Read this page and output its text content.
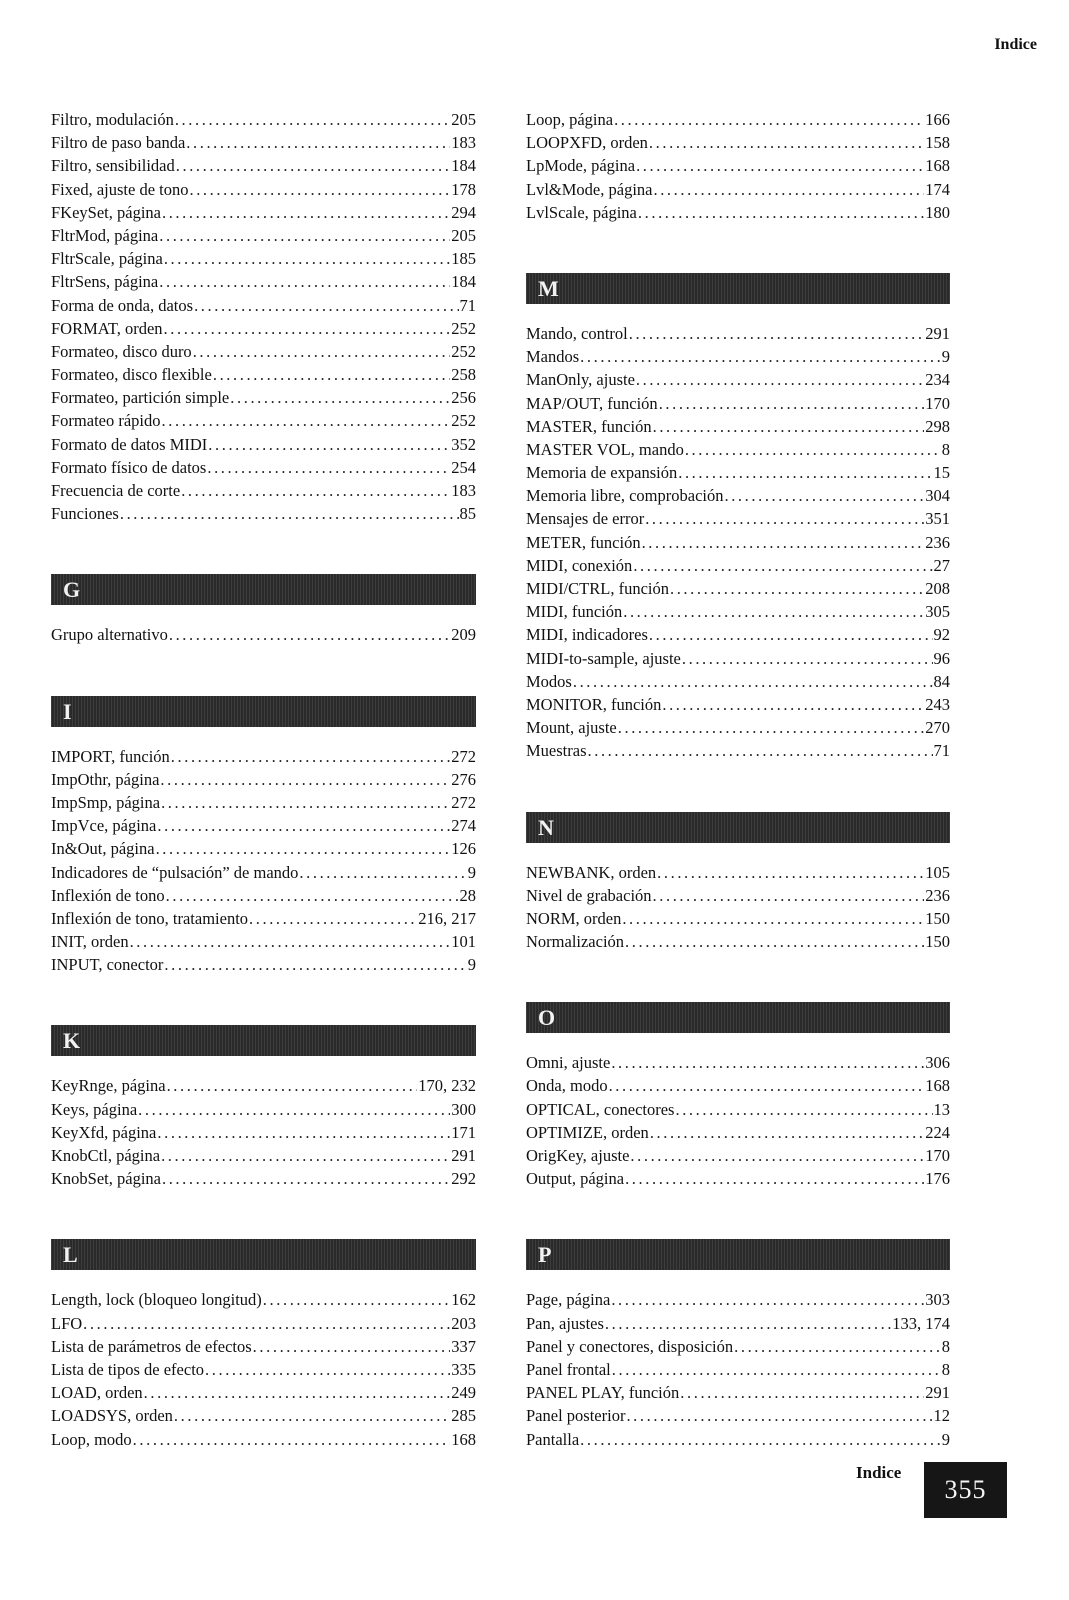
Indice
Filtro, modulación .....	205
Filtro de paso banda .....	183
Filtro, sensibilidad .....	184
Fixed, ajuste de tono .....	178
FKeySet, página .....	294
FltrMod, página .....	205
FltrScale, página .....	185
FltrSens, página .....	184
Forma de onda, datos .....	71
FORMAT, orden .....	252
Formateo, disco duro .....	252
Formateo, disco flexible .....	258
Formateo, partición simple .....	256
Formateo rápido .....	252
Formato de datos MIDI .....	352
Formato físico de datos .....	254
Frecuencia de corte .....	183
Funciones .....	85
G
Grupo alternativo .....	209
I
IMPORT, función .....	272
ImpOthr, página .....	276
ImpSmp, página .....	272
ImpVce, página .....	274
In&Out, página .....	126
Indicadores de “pulsación” de mando .....	9
Inflexión de tono .....	28
Inflexión de tono, tratamiento .....	216, 217
INIT, orden .....	101
INPUT, conector .....	9
K
KeyRnge, página .....	170, 232
Keys, página .....	300
KeyXfd, página .....	171
KnobCtl, página .....	291
KnobSet, página .....	292
L
Length, lock (bloqueo longitud) .....	162
LFO .....	203
Lista de parámetros de efectos .....	337
Lista de tipos de efecto .....	335
LOAD, orden .....	249
LOADSYS, orden .....	285
Loop, modo .....	168
Loop, página .....	166
LOOPXFD, orden .....	158
LpMode, página .....	168
Lvl&Mode, página .....	174
LvlScale, página .....	180
M
Mando, control .....	291
Mandos .....	9
ManOnly, ajuste .....	234
MAP/OUT, función .....	170
MASTER, función .....	298
MASTER VOL, mando .....	8
Memoria de expansión .....	15
Memoria libre, comprobación .....	304
Mensajes de error .....	351
METER, función .....	236
MIDI, conexión .....	27
MIDI/CTRL, función .....	208
MIDI, función .....	305
MIDI, indicadores .....	92
MIDI-to-sample, ajuste .....	96
Modos .....	84
MONITOR, función .....	243
Mount, ajuste .....	270
Muestras .....	71
N
NEWBANK, orden .....	105
Nivel de grabación .....	236
NORM, orden .....	150
Normalización .....	150
O
Omni, ajuste .....	306
Onda, modo .....	168
OPTICAL, conectores .....	13
OPTIMIZE, orden .....	224
OrigKey, ajuste .....	170
Output, página .....	176
P
Page, página .....	303
Pan, ajustes .....	133, 174
Panel y conectores, disposición .....	8
Panel frontal .....	8
PANEL PLAY, función .....	291
Panel posterior .....	12
Pantalla .....	9
Indice
355
